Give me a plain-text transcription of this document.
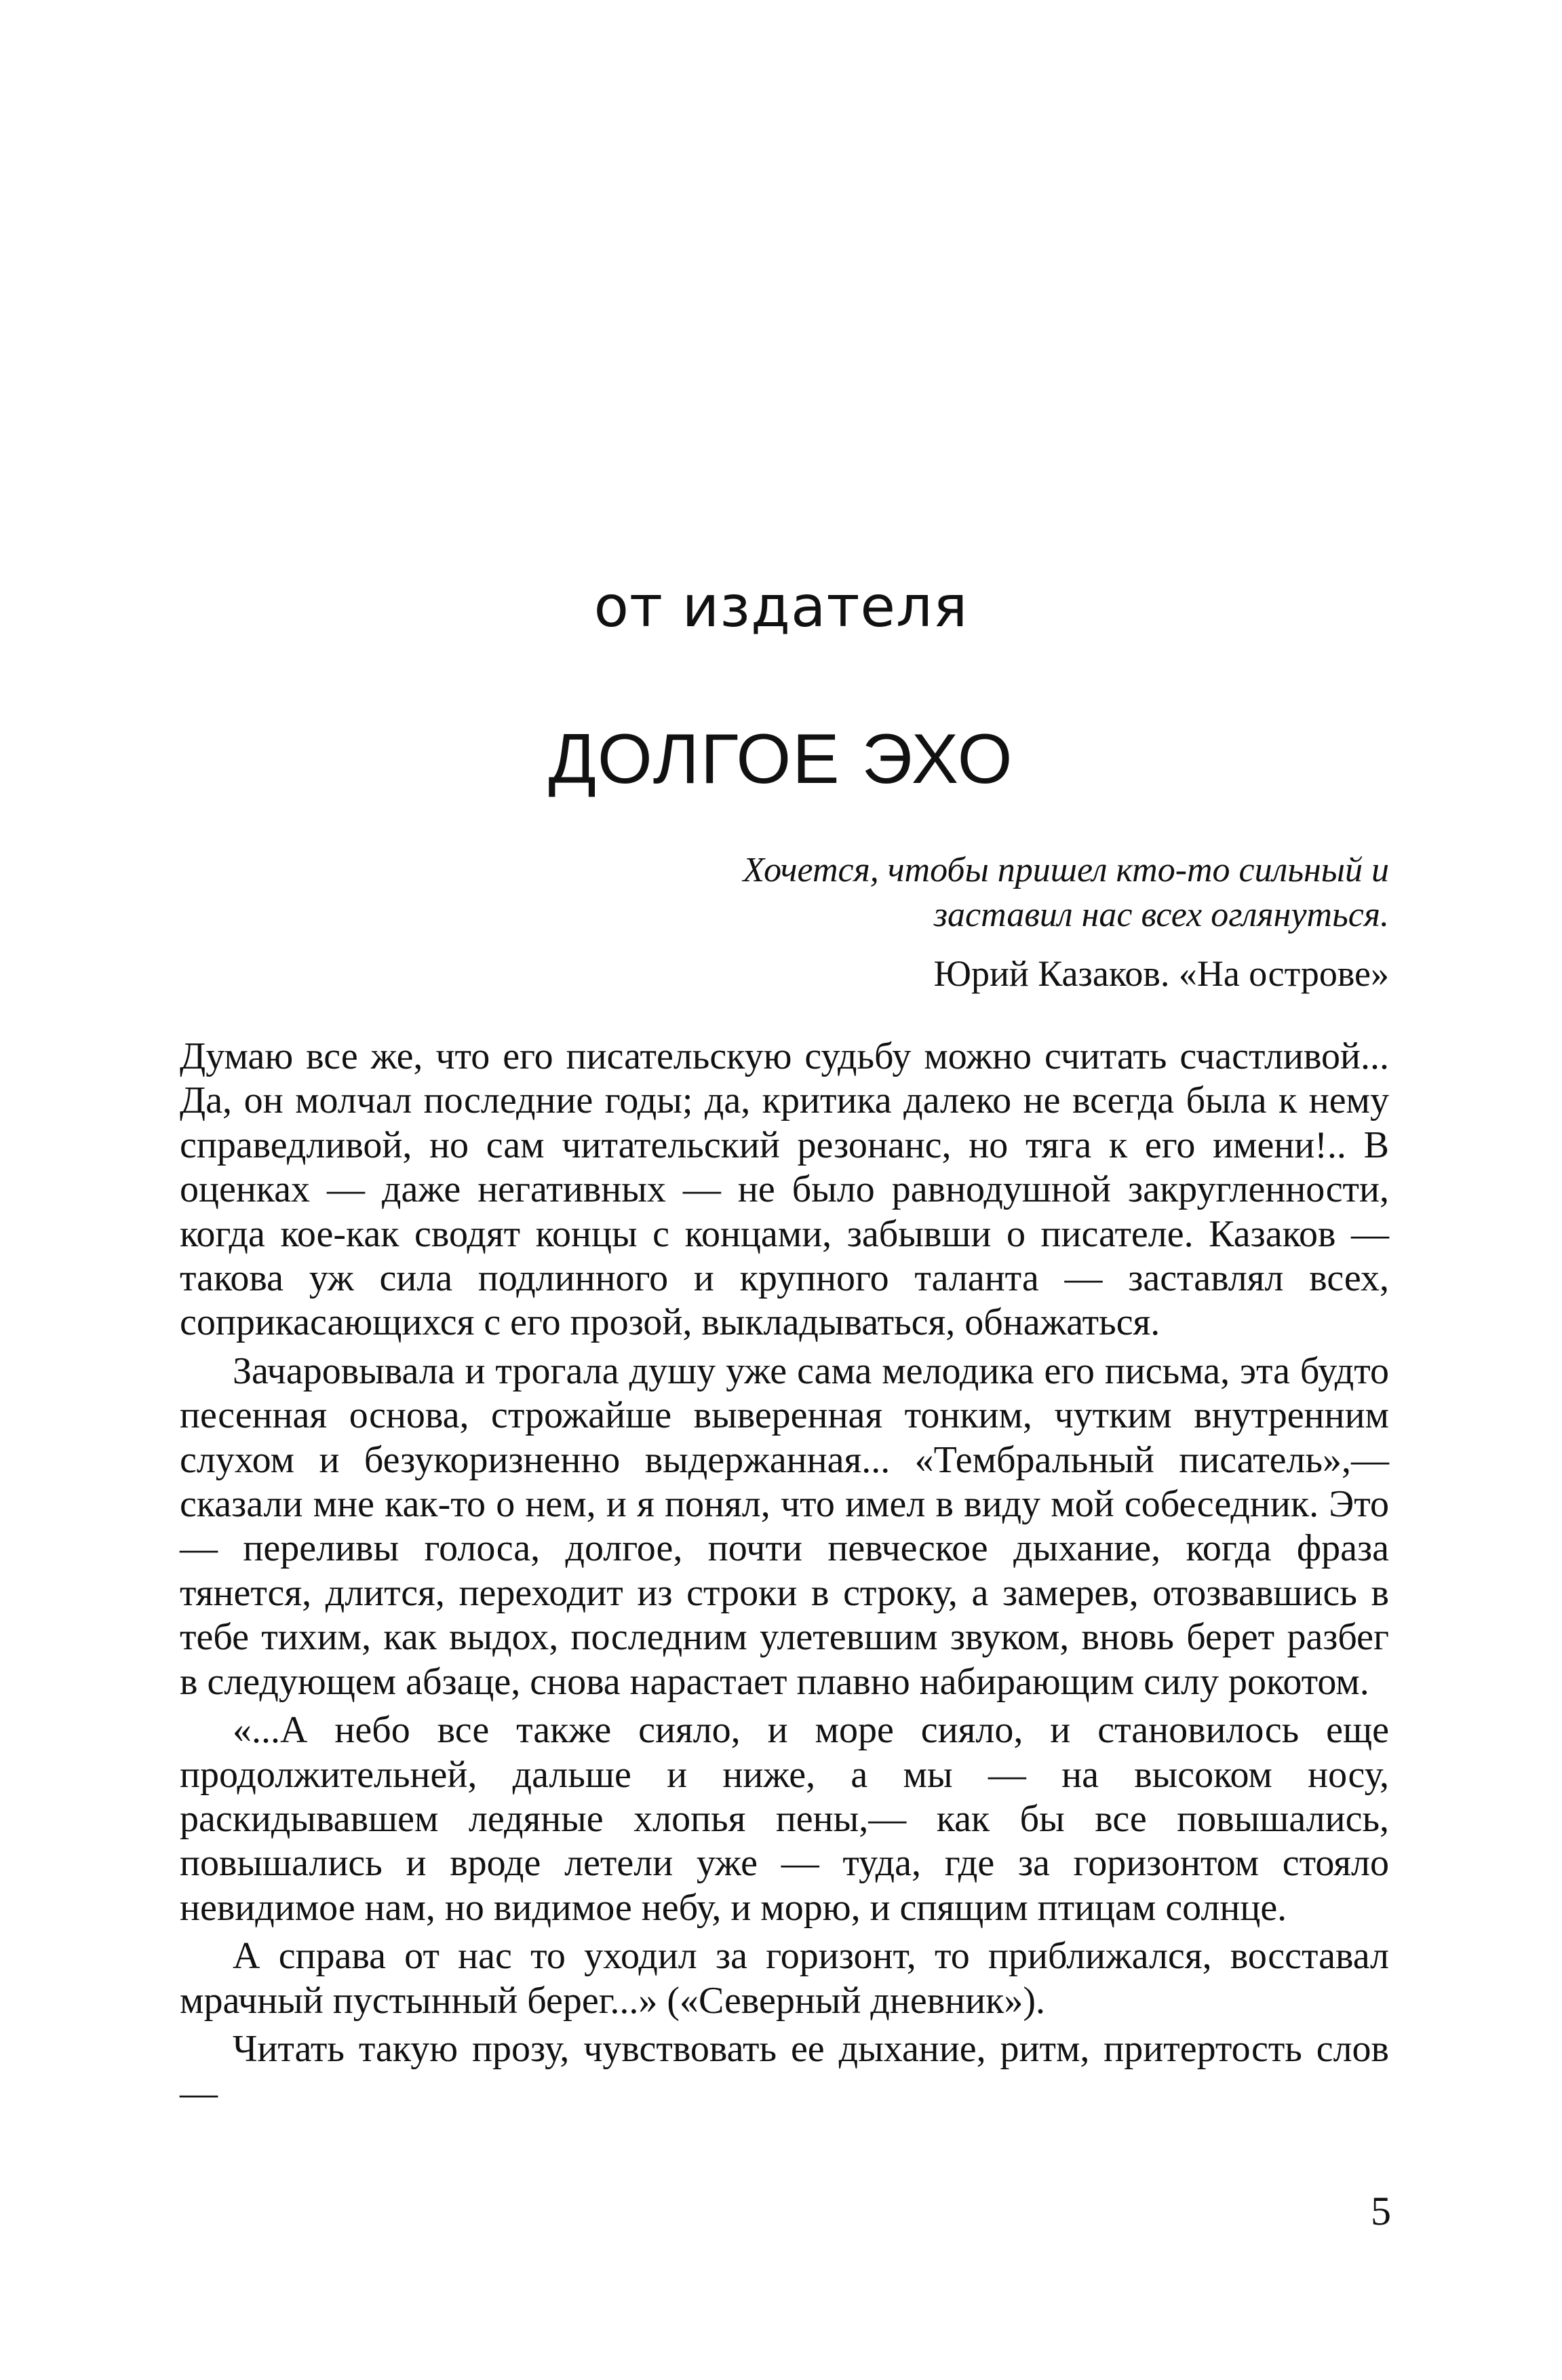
от издателя
ДОЛГОЕ ЭХО
Хочется, чтобы пришел кто-то сильный и
заставил нас всех оглянуться.
Юрий Казаков. «На острове»

Думаю все же, что его писательскую судьбу можно считать счастливой... Да, он молчал последние годы; да, критика далеко не всегда была к нему справедливой, но сам читательский резонанс, но тяга к его имени!.. В оценках — даже негативных — не было равнодушной закругленности, когда кое-как сводят концы с концами, забывши о писателе. Казаков — такова уж сила подлинного и крупного таланта — заставлял всех, соприкасающихся с его прозой, выкладываться, обнажаться.

Зачаровывала и трогала душу уже сама мелодика его письма, эта будто песенная основа, строжайше выверенная тонким, чутким внутренним слухом и безукоризненно выдержанная... «Тембральный писатель»,— сказали мне как-то о нем, и я понял, что имел в виду мой собеседник. Это — переливы голоса, долгое, почти певческое дыхание, когда фраза тянется, длится, переходит из строки в строку, а замерев, отозвавшись в тебе тихим, как выдох, последним улетевшим звуком, вновь берет разбег в следующем абзаце, снова нарастает плавно набирающим силу рокотом.

«...А небо все также сияло, и море сияло, и становилось еще продолжительней, дальше и ниже, а мы — на высоком носу, раскидывавшем ледяные хлопья пены,— как бы все повышались, повышались и вроде летели уже — туда, где за горизонтом стояло невидимое нам, но видимое небу, и морю, и спящим птицам солнце.

А справа от нас то уходил за горизонт, то приближался, восставал мрачный пустынный берег...» («Северный дневник»).

Читать такую прозу, чувствовать ее дыхание, ритм, притертость слов —

5
